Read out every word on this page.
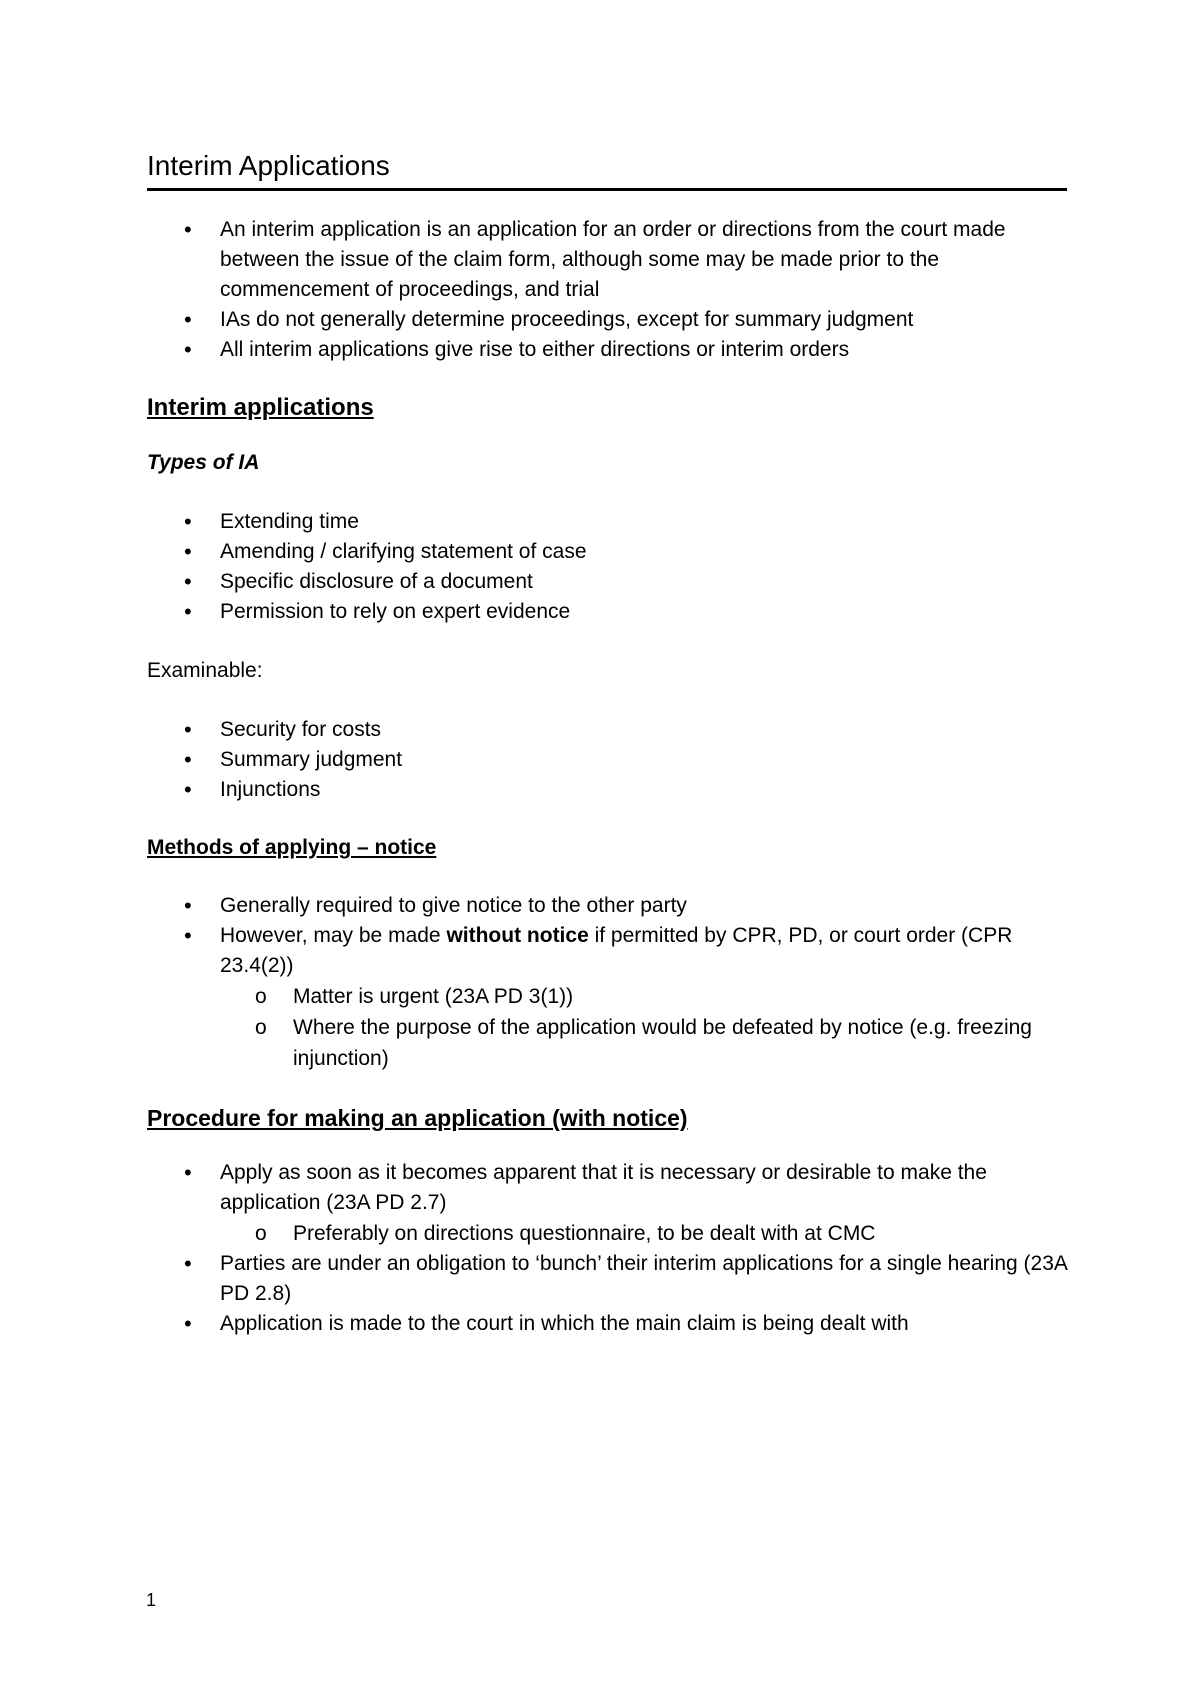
Interim Applications
• An interim application is an application for an order or directions from the court made between the issue of the claim form, although some may be made prior to the commencement of proceedings, and trial
• IAs do not generally determine proceedings, except for summary judgment
• All interim applications give rise to either directions or interim orders
Interim applications

Types of IA

• Extending time
• Amending / clarifying statement of case
• Specific disclosure of a document
• Permission to rely on expert evidence

Examinable:

• Security for costs
• Summary judgment
• Injunctions
Methods of applying – notice
• Generally required to give notice to the other party
• However, may be made without notice if permitted by CPR, PD, or court order (CPR 23.4(2))
o Matter is urgent (23A PD 3(1))
o Where the purpose of the application would be defeated by notice (e.g. freezing injunction)
Procedure for making an application (with notice)
• Apply as soon as it becomes apparent that it is necessary or desirable to make the application (23A PD 2.7)
o Preferably on directions questionnaire, to be dealt with at CMC
• Parties are under an obligation to ‘bunch’ their interim applications for a single hearing (23A PD 2.8)
• Application is made to the court in which the main claim is being dealt with
1
